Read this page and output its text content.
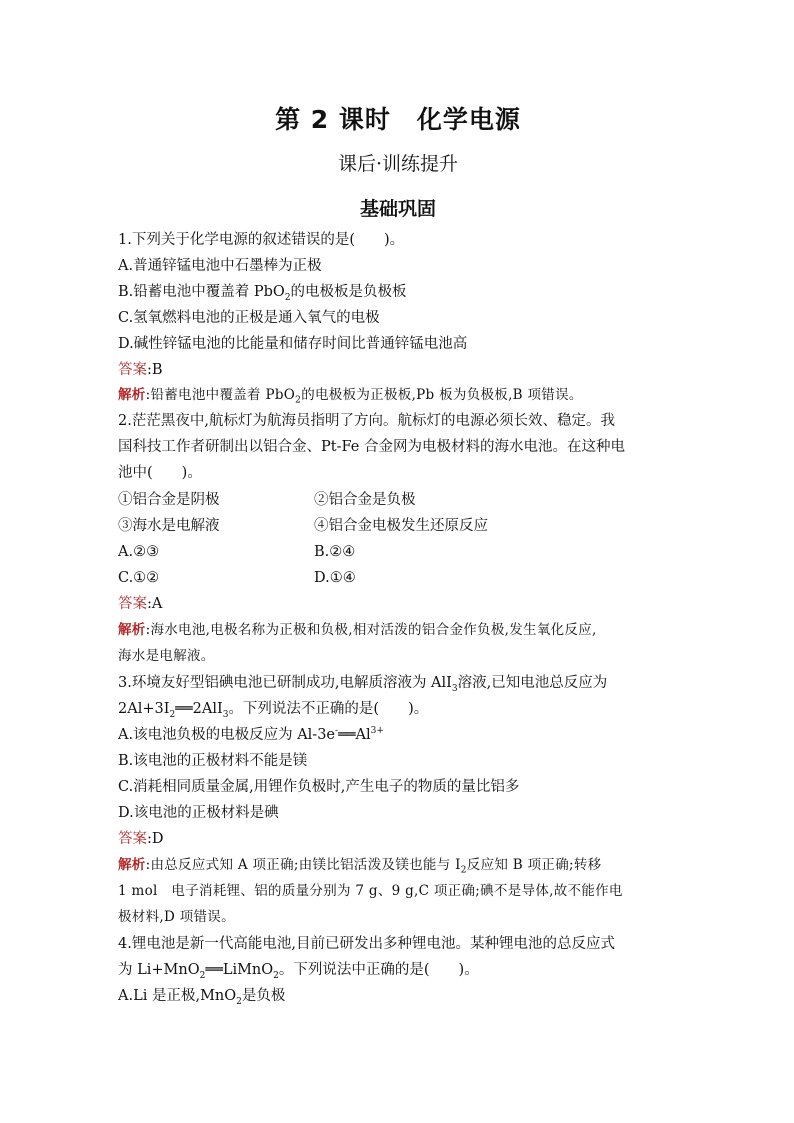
第 2 课时　化学电源
课后·训练提升
基础巩固
1.下列关于化学电源的叙述错误的是(　　)。
A.普通锌锰电池中石墨棒为正极
B.铅蓄电池中覆盖着 PbO$_2$的电极板是负极板
C.氢氧燃料电池的正极是通入氧气的电极
D.碱性锌锰电池的比能量和储存时间比普通锌锰电池高
答案:B
解析:铅蓄电池中覆盖着 PbO$_2$的电极板为正极板,Pb 板为负极板,B 项错误。
2.茫茫黑夜中,航标灯为航海员指明了方向。航标灯的电源必须长效、稳定。我
国科技工作者研制出以铝合金、Pt-Fe 合金网为电极材料的海水电池。在这种电
池中(　　)。
①铝合金是阴极	②铝合金是负极
③海水是电解液	④铝合金电极发生还原反应
A.②③	B.②④
C.①②	D.①④
答案:A
解析:海水电池,电极名称为正极和负极,相对活泼的铝合金作负极,发生氧化反应,
海水是电解液。
3.环境友好型铝碘电池已研制成功,电解质溶液为 AlI$_3$溶液,已知电池总反应为
$2Al+3I_2══2AlI_3$。下列说法不正确的是(　　)。
A.该电池负极的电极反应为 $Al-3e^-══Al^{3+}$
B.该电池的正极材料不能是镁
C.消耗相同质量金属,用锂作负极时,产生电子的物质的量比铝多
D.该电池的正极材料是碘
答案:D
解析:由总反应式知 A 项正确;由镁比铝活泼及镁也能与 $I_2$反应知 B 项正确;转移
1 mol　电子消耗锂、铝的质量分别为 7 g、9 g,C 项正确;碘不是导体,故不能作电
极材料,D 项错误。
4.锂电池是新一代高能电池,目前已研发出多种锂电池。某种锂电池的总反应式
为 Li+MnO$_2$══LiMnO$_2$。下列说法中正确的是(　　)。
A.Li 是正极,MnO$_2$是负极
